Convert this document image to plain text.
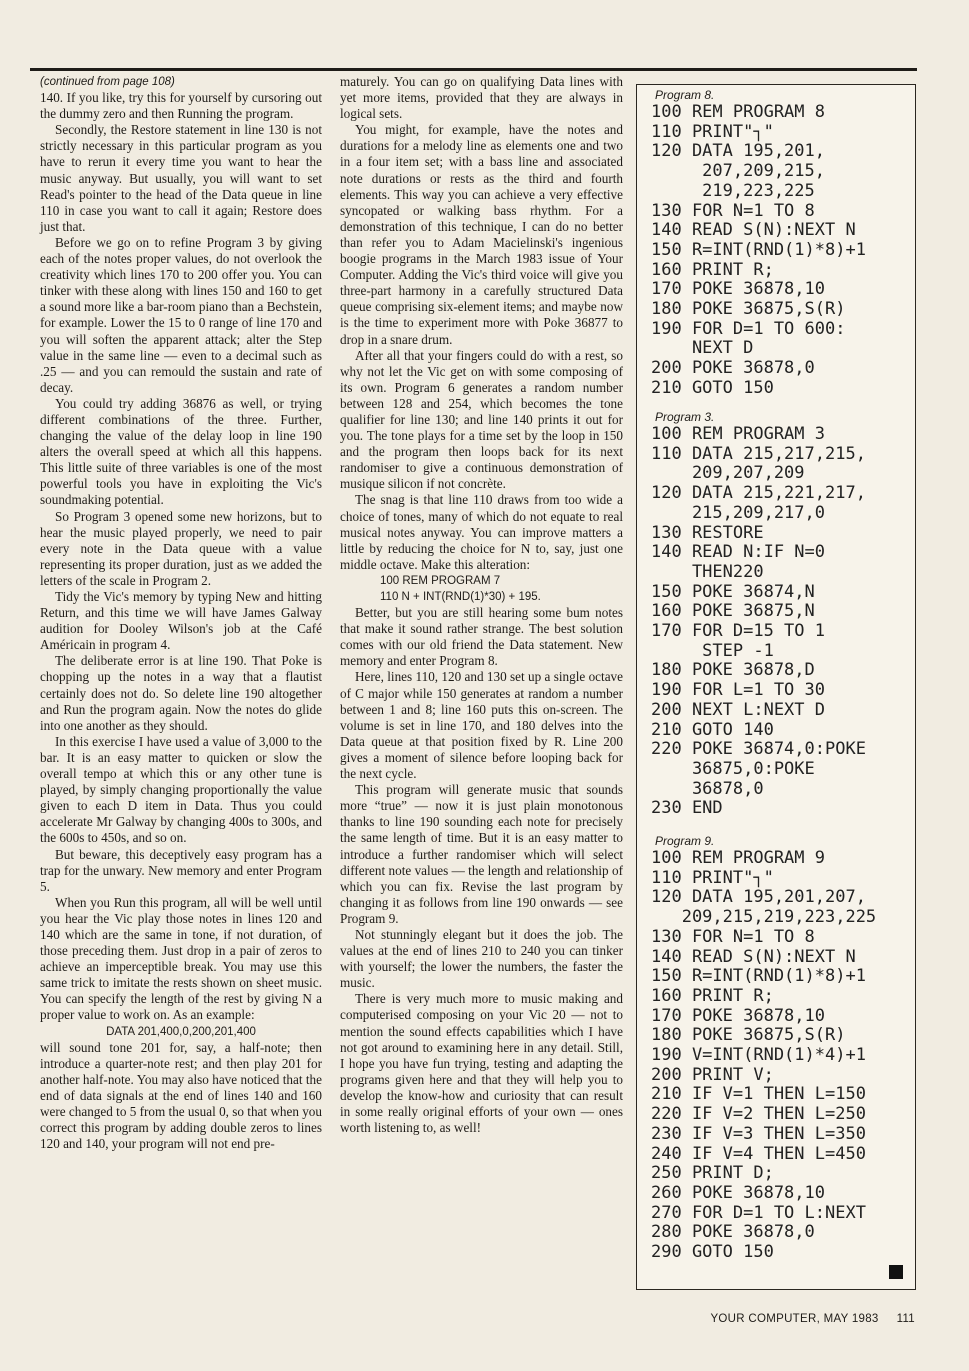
(continued from page 108)

140. If you like, try this for yourself by cursoring out the dummy zero and then Running the program.

Secondly, the Restore statement in line 130 is not strictly necessary in this particular program as you have to rerun it every time you want to hear the music anyway. But usually, you will want to set Read's pointer to the head of the Data queue in line 110 in case you want to call it again; Restore does just that.

Before we go on to refine Program 3 by giving each of the notes proper values, do not overlook the creativity which lines 170 to 200 offer you. You can tinker with these along with lines 150 and 160 to get a sound more like a bar-room piano than a Bechstein, for example. Lower the 15 to 0 range of line 170 and you will soften the apparent attack; alter the Step value in the same line — even to a decimal such as .25 — and you can remould the sustain and rate of decay.

You could try adding 36876 as well, or trying different combinations of the three. Further, changing the value of the delay loop in line 190 alters the overall speed at which all this happens. This little suite of three variables is one of the most powerful tools you have in exploiting the Vic's soundmaking potential.

So Program 3 opened some new horizons, but to hear the music played properly, we need to pair every note in the Data queue with a value representing its proper duration, just as we added the letters of the scale in Program 2.

Tidy the Vic's memory by typing New and hitting Return, and this time we will have James Galway audition for Dooley Wilson's job at the Café Américain in program 4.

The deliberate error is at line 190. That Poke is chopping up the notes in a way that a flautist certainly does not do. So delete line 190 altogether and Run the program again. Now the notes do glide into one another as they should.

In this exercise I have used a value of 3,000 to the bar. It is an easy matter to quicken or slow the overall tempo at which this or any other tune is played, by simply changing proportionally the value given to each D item in Data. Thus you could accelerate Mr Galway by changing 400s to 300s, and the 600s to 450s, and so on.

But beware, this deceptively easy program has a trap for the unwary. New memory and enter Program 5.

When you Run this program, all will be well until you hear the Vic play those notes in lines 120 and 140 which are the same in tone, if not duration, of those preceding them. Just drop in a pair of zeros to achieve an imperceptible break. You may use this same trick to imitate the rests shown on sheet music. You can specify the length of the rest by giving N a proper value to work on. As an example:

DATA 201,400,0,200,201,400

will sound tone 201 for, say, a half-note; then introduce a quarter-note rest; and then play 201 for another half-note. You may also have noticed that the end of data signals at the end of lines 140 and 160 were changed to 5 from the usual 0, so that when you correct this program by adding double zeros to lines 120 and 140, your program will not end pre-

maturely. You can go on qualifying Data lines with yet more items, provided that they are always in logical sets.

You might, for example, have the notes and durations for a melody line as elements one and two in a four item set; with a bass line and associated note durations or rests as the third and fourth elements. This way you can achieve a very effective syncopated or walking bass rhythm. For a demonstration of this technique, I can do no better than refer you to Adam Macielinski's ingenious boogie programs in the March 1983 issue of Your Computer. Adding the Vic's third voice will give you three-part harmony in a carefully structured Data queue comprising six-element items; and maybe now is the time to experiment more with Poke 36877 to drop in a snare drum.

After all that your fingers could do with a rest, so why not let the Vic get on with some composing of its own. Program 6 generates a random number between 128 and 254, which becomes the tone qualifier for line 130; and line 140 prints it out for you. The tone plays for a time set by the loop in 150 and the program then loops back for its next randomiser to give a continuous demonstration of musique silicon if not concrète.

The snag is that line 110 draws from too wide a choice of tones, many of which do not equate to real musical notes anyway. You can improve matters a little by reducing the choice for N to, say, just one middle octave. Make this alteration:

100 REM PROGRAM 7

110 N + INT(RND(1)*30) + 195.

Better, but you are still hearing some bum notes that make it sound rather strange. The best solution comes with our old friend the Data statement. New memory and enter Program 8.

Here, lines 110, 120 and 130 set up a single octave of C major while 150 generates at random a number between 1 and 8; line 160 puts this on-screen. The volume is set in line 170, and 180 delves into the Data queue at that position fixed by R. Line 200 gives a moment of silence before looping back for the next cycle.

This program will generate music that sounds more “true” — now it is just plain monotonous thanks to line 190 sounding each note for precisely the same length of time. But it is an easy matter to introduce a further randomiser which will select different note values — the length and relationship of which you can fix. Revise the last program by changing it as follows from line 190 onwards — see Program 9.

Not stunningly elegant but it does the job. The values at the end of lines 210 to 240 you can tinker with yourself; the lower the numbers, the faster the music.

There is very much more to music making and computerised composing on your Vic 20 — not to mention the sound effects capabilities which I have not got around to examining here in any detail. Still, I hope you have fun trying, testing and adapting the programs given here and that they will help you to develop the know-how and curiosity that can result in some really original efforts of your own — ones worth listening to, as well!

Program 8.

100 REM PROGRAM 8
110 PRINT"┐"
120 DATA 195,201,
207,209,215,
219,223,225
130 FOR N=1 TO 8
140 READ S(N):NEXT N
150 R=INT(RND(1)*8)+1
160 PRINT R;
170 POKE 36878,10
180 POKE 36875,S(R)
190 FOR D=1 TO 600:
NEXT D
200 POKE 36878,0
210 GOTO 150

Program 3.

100 REM PROGRAM 3
110 DATA 215,217,215,
209,207,209
120 DATA 215,221,217,
215,209,217,0
130 RESTORE
140 READ N:IF N=0
THEN220
150 POKE 36874,N
160 POKE 36875,N
170 FOR D=15 TO 1
STEP -1
180 POKE 36878,D
190 FOR L=1 TO 30
200 NEXT L:NEXT D
210 GOTO 140
220 POKE 36874,0:POKE
36875,0:POKE
36878,0
230 END

Program 9.

100 REM PROGRAM 9
110 PRINT"┐"
120 DATA 195,201,207,
209,215,219,223,225
130 FOR N=1 TO 8
140 READ S(N):NEXT N
150 R=INT(RND(1)*8)+1
160 PRINT R;
170 POKE 36878,10
180 POKE 36875,S(R)
190 V=INT(RND(1)*4)+1
200 PRINT V;
210 IF V=1 THEN L=150
220 IF V=2 THEN L=250
230 IF V=3 THEN L=350
240 IF V=4 THEN L=450
250 PRINT D;
260 POKE 36878,10
270 FOR D=1 TO L:NEXT
280 POKE 36878,0
290 GOTO 150
YOUR COMPUTER, MAY 1983 111
